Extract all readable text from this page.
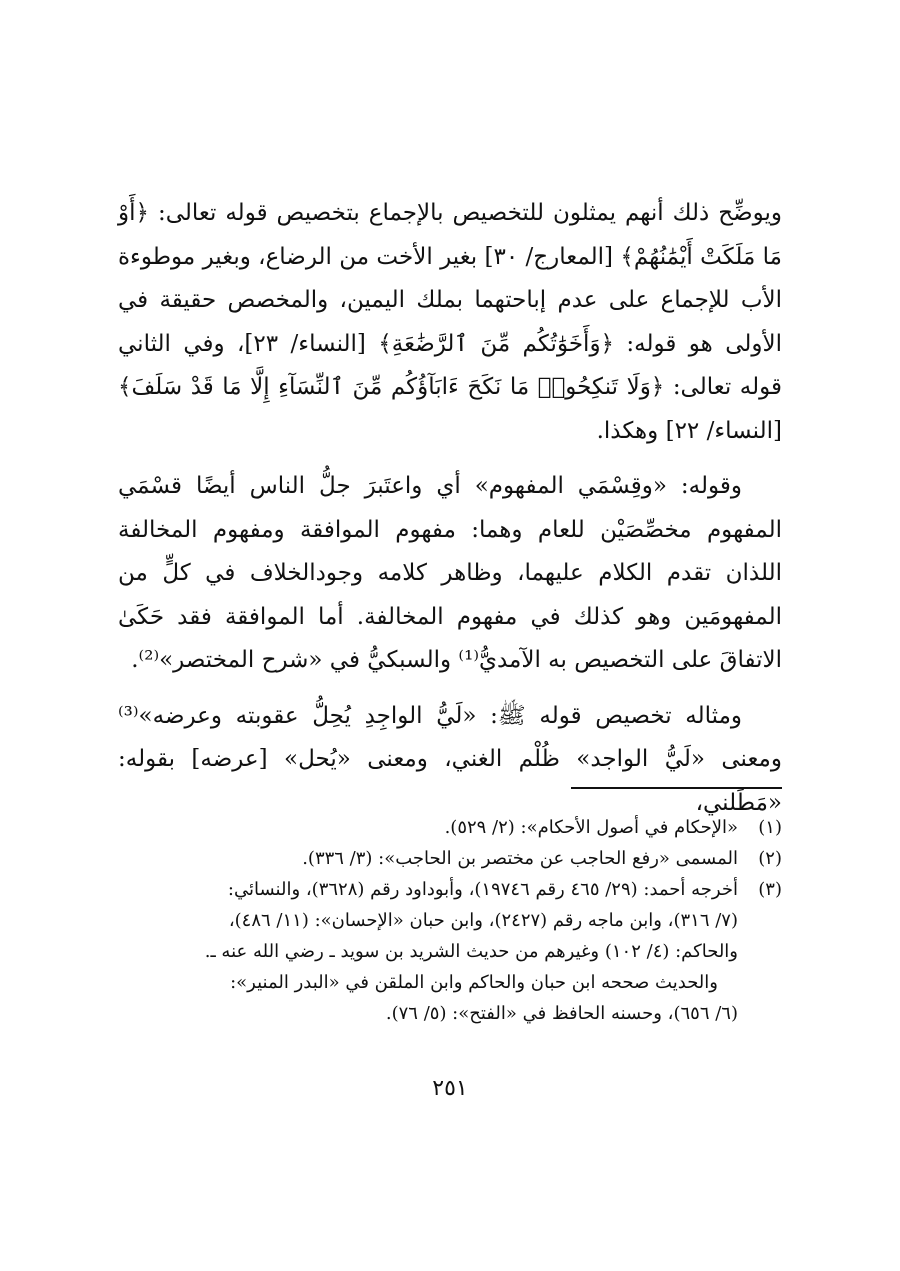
ويوضِّح ذلك أنهم يمثلون للتخصيص بالإجماع بتخصيص قوله تعالى: ﴿أَوْ مَا مَلَكَتْ أَيْمَٰنُهُمْ﴾ [المعارج/ ٣٠] بغير الأخت من الرضاع، وبغير موطوءة الأب للإجماع على عدم إباحتهما بملك اليمين، والمخصص حقيقة في الأولى هو قوله: ﴿وَأَخَوَٰتُكُم مِّنَ ٱلرَّضَٰعَةِ﴾ [النساء/ ٢٣]، وفي الثاني قوله تعالى: ﴿وَلَا تَنكِحُوا۟ مَا نَكَحَ ءَابَآؤُكُم مِّنَ ٱلنِّسَآءِ إِلَّا مَا قَدْ سَلَفَ﴾ [النساء/ ٢٢] وهكذا.

وقوله: «وقِسْمَي المفهوم» أي واعتَبرَ جلُّ الناس أيضًا قسْمَي المفهوم مخصِّصَيْن للعام وهما: مفهوم الموافقة ومفهوم المخالفة اللذان تقدم الكلام عليهما، وظاهر كلامه وجودالخلاف في كلٍّ من المفهومَين وهو كذلك في مفهوم المخالفة. أما الموافقة فقد حَكَىٰ الاتفاقَ على التخصيص به الآمديُّ⁽¹⁾ والسبكيُّ في «شرح المختصر»⁽²⁾.

ومثاله تخصيص قوله ﷺ: «لَيُّ الواجِدِ يُحِلُّ عقوبته وعرضه»⁽³⁾ ومعنى «لَيُّ الواجد» ظُلْم الغني، ومعنى «يُحل» [عرضه] بقوله: «مَطَلني،

(١)
«الإحكام في أصول الأحكام»: (٢/ ٥٢٩).
(٢)
المسمى «رفع الحاجب عن مختصر بن الحاجب»: (٣/ ٣٣٦).
(٣)
أخرجه أحمد: (٢٩/ ٤٦٥ رقم ١٩٧٤٦)، وأبوداود رقم (٣٦٢٨)، والنسائي:
(٧/ ٣١٦)، وابن ماجه رقم (٢٤٢٧)، وابن حبان «الإحسان»: (١١/ ٤٨٦)،
والحاكم: (٤/ ١٠٢) وغيرهم من حديث الشريد بن سويد ـ رضي الله عنه ـ.
والحديث صححه ابن حبان والحاكم وابن الملقن في «البدر المنير»:
(٦/ ٦٥٦)، وحسنه الحافظ في «الفتح»: (٥/ ٧٦).
٢٥١
